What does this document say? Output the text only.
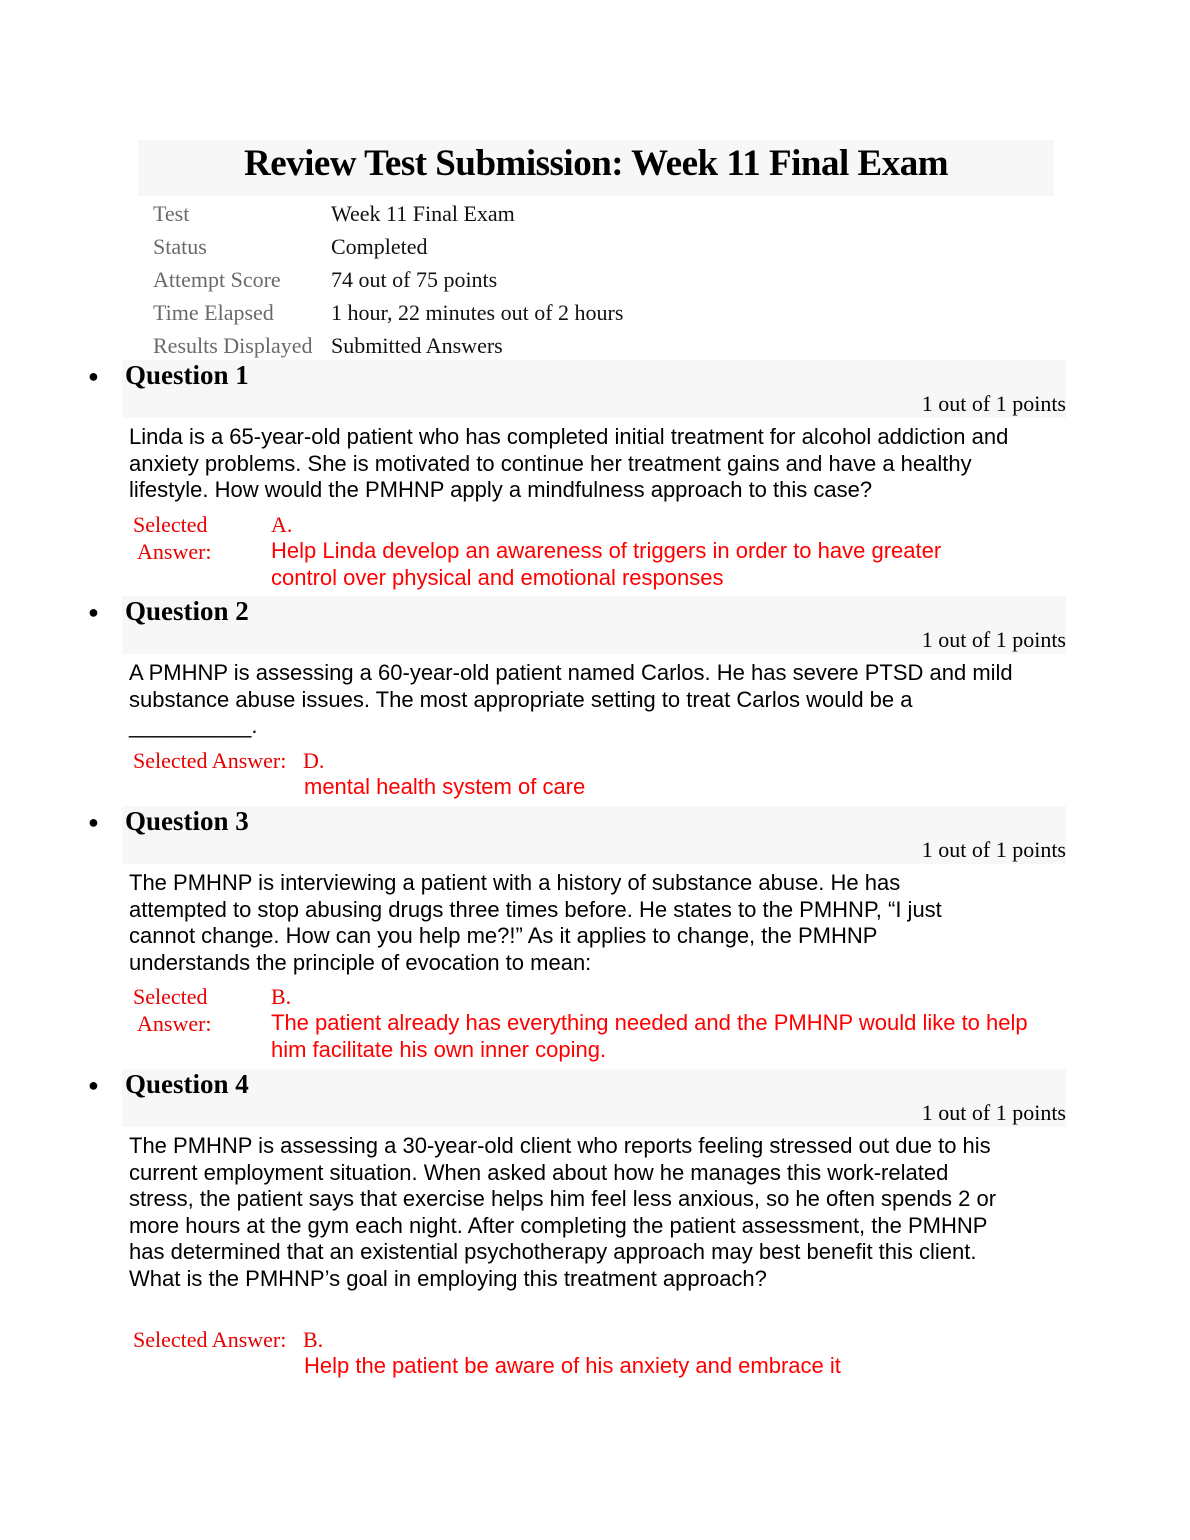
Review Test Submission: Week 11 Final Exam
Test	Week 11 Final Exam
Status	Completed
Attempt Score	74 out of 75 points
Time Elapsed	1 hour, 22 minutes out of 2 hours
Results Displayed	Submitted Answers
● Question 1
1 out of 1 points

Linda is a 65-year-old patient who has completed initial treatment for alcohol addiction and anxiety problems. She is motivated to continue her treatment gains and have a healthy lifestyle. How would the PMHNP apply a mindfulness approach to this case?

Selected
Answer:
A.

Help Linda develop an awareness of triggers in order to have greater control over physical and emotional responses

● Question 2
1 out of 1 points

A PMHNP is assessing a 60-year-old patient named Carlos. He has severe PTSD and mild substance abuse issues. The most appropriate setting to treat Carlos would be a __________.

Selected Answer: D.

mental health system of care

● Question 3
1 out of 1 points

The PMHNP is interviewing a patient with a history of substance abuse. He has attempted to stop abusing drugs three times before. He states to the PMHNP, “I just cannot change. How can you help me?!” As it applies to change, the PMHNP understands the principle of evocation to mean:

Selected
Answer:
B.

The patient already has everything needed and the PMHNP would like to help him facilitate his own inner coping.

● Question 4
1 out of 1 points

The PMHNP is assessing a 30-year-old client who reports feeling stressed out due to his current employment situation. When asked about how he manages this work-related stress, the patient says that exercise helps him feel less anxious, so he often spends 2 or more hours at the gym each night. After completing the patient assessment, the PMHNP has determined that an existential psychotherapy approach may best benefit this client. What is the PMHNP’s goal in employing this treatment approach?

Selected Answer: B.

Help the patient be aware of his anxiety and embrace it
